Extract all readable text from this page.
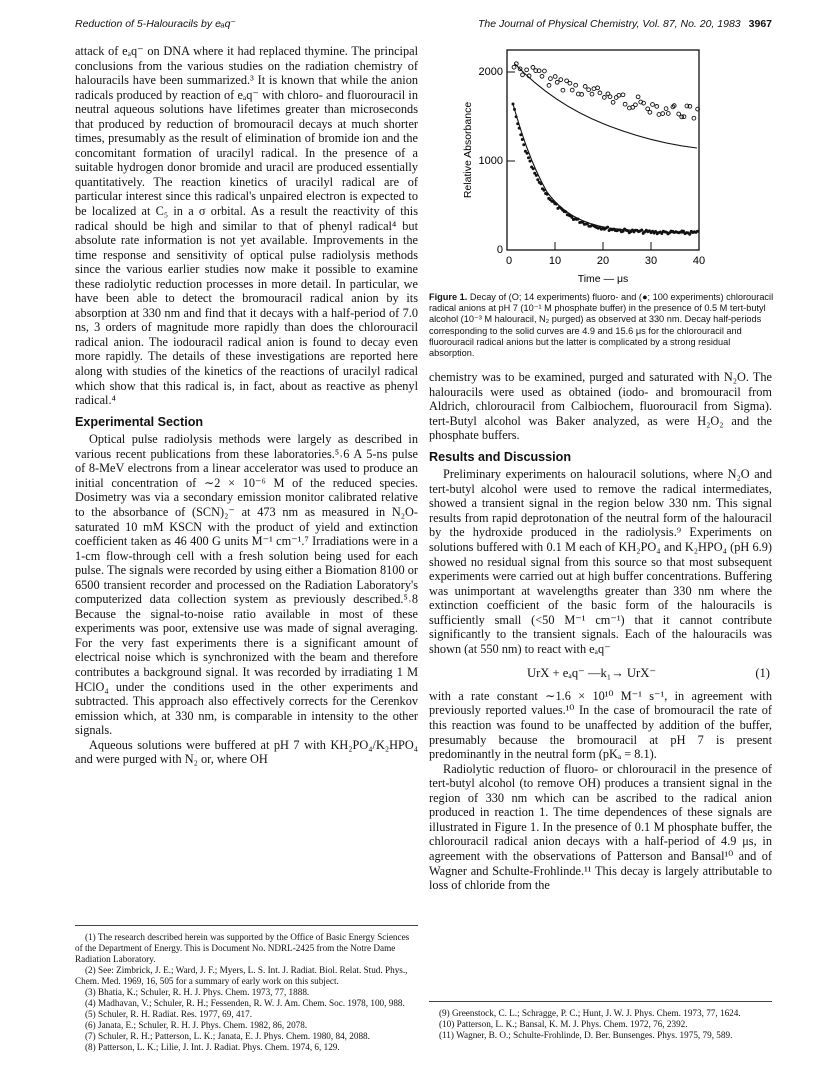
Reduction of 5-Halouracils by eₐq⁻	The Journal of Physical Chemistry, Vol. 87, No. 20, 1983 3967

attack of eₐq⁻ on DNA where it had replaced thymine. The principal conclusions from the various studies on the radiation chemistry of halouracils have been summarized.³ It is known that while the anion radicals produced by reaction of eₐq⁻ with chloro- and fluorouracil in neutral aqueous solutions have lifetimes greater than microseconds that produced by reduction of bromouracil decays at much shorter times, presumably as the result of elimination of bromide ion and the concomitant formation of uracilyl radical. In the presence of a suitable hydrogen donor bromide and uracil are produced essentially quantitatively. The reaction kinetics of uracilyl radical are of particular interest since this radical's unpaired electron is expected to be localized at C₅ in a σ orbital. As a result the reactivity of this radical should be high and similar to that of phenyl radical⁴ but absolute rate information is not yet available. Improvements in the time response and sensitivity of optical pulse radiolysis methods since the various earlier studies now make it possible to examine these radiolytic reduction processes in more detail. In particular, we have been able to detect the bromouracil radical anion by its absorption at 330 nm and find that it decays with a half-period of 7.0 ns, 3 orders of magnitude more rapidly than does the chlorouracil radical anion. The iodouracil radical anion is found to decay even more rapidly. The details of these investigations are reported here along with studies of the kinetics of the reactions of uracilyl radical which show that this radical is, in fact, about as reactive as phenyl radical.⁴

Experimental Section

Optical pulse radiolysis methods were largely as described in various recent publications from these laboratories.⁵˒6 A 5-ns pulse of 8-MeV electrons from a linear accelerator was used to produce an initial concentration of ∼2 × 10⁻⁶ M of the reduced species. Dosimetry was via a secondary emission monitor calibrated relative to the absorbance of (SCN)₂⁻ at 473 nm as measured in N₂O-saturated 10 mM KSCN with the product of yield and extinction coefficient taken as 46 400 G units M⁻¹ cm⁻¹.⁷ Irradiations were in a 1-cm flow-through cell with a fresh solution being used for each pulse. The signals were recorded by using either a Biomation 8100 or 6500 transient recorder and processed on the Radiation Laboratory's computerized data collection system as previously described.⁵˒8 Because the signal-to-noise ratio available in most of these experiments was poor, extensive use was made of signal averaging. For the very fast experiments there is a significant amount of electrical noise which is synchronized with the beam and therefore contributes a background signal. It was recorded by irradiating 1 M HClO₄ under the conditions used in the other experiments and subtracted. This approach also effectively corrects for the Cerenkov emission which, at 330 nm, is comparable in intensity to the other signals.

Aqueous solutions were buffered at pH 7 with KH₂PO₄/K₂HPO₄ and were purged with N₂ or, where OH

(1) The research described herein was supported by the Office of Basic Energy Sciences of the Department of Energy. This is Document No. NDRL-2425 from the Notre Dame Radiation Laboratory.

(2) See: Zimbrick, J. E.; Ward, J. F.; Myers, L. S. Int. J. Radiat. Biol. Relat. Stud. Phys., Chem. Med. 1969, 16, 505 for a summary of early work on this subject.

(3) Bhatia, K.; Schuler, R. H. J. Phys. Chem. 1973, 77, 1888.

(4) Madhavan, V.; Schuler, R. H.; Fessenden, R. W. J. Am. Chem. Soc. 1978, 100, 988.

(5) Schuler, R. H. Radiat. Res. 1977, 69, 417.

(6) Janata, E.; Schuler, R. H. J. Phys. Chem. 1982, 86, 2078.

(7) Schuler, R. H.; Patterson, L. K.; Janata, E. J. Phys. Chem. 1980, 84, 2088.

(8) Patterson, L. K.; Lilie, J. Int. J. Radiat. Phys. Chem. 1974, 6, 129.

2000
1000
0
0	10	20	30	40
Relative Absorbance
Time — μs
Figure 1. Decay of (O; 14 experiments) fluoro- and (●; 100 experiments) chlorouracil radical anions at pH 7 (10⁻¹ M phosphate buffer) in the presence of 0.5 M tert-butyl alcohol (10⁻³ M halouracil, N₂ purged) as observed at 330 nm. Decay half-periods corresponding to the solid curves are 4.9 and 15.6 μs for the chlorouracil and fluorouracil radical anions but the latter is complicated by a strong residual absorption.

chemistry was to be examined, purged and saturated with N₂O. The halouracils were used as obtained (iodo- and bromouracil from Aldrich, chlorouracil from Calbiochem, fluorouracil from Sigma). tert-Butyl alcohol was Baker analyzed, as were H₂O₂ and the phosphate buffers.

Results and Discussion

Preliminary experiments on halouracil solutions, where N₂O and tert-butyl alcohol were used to remove the radical intermediates, showed a transient signal in the region below 330 nm. This signal results from rapid deprotonation of the neutral form of the halouracil by the hydroxide produced in the radiolysis.⁹ Experiments on solutions buffered with 0.1 M each of KH₂PO₄ and K₂HPO₄ (pH 6.9) showed no residual signal from this source so that most subsequent experiments were carried out at high buffer concentrations. Buffering was unimportant at wavelengths greater than 330 nm where the extinction coefficient of the basic form of the halouracils is sufficiently small (<50 M⁻¹ cm⁻¹) that it cannot contribute significantly to the transient signals. Each of the halouracils was shown (at 550 nm) to react with eₐq⁻

UrX + eₐq⁻ —k₁→ UrX⁻	(1)

with a rate constant ∼1.6 × 10¹⁰ M⁻¹ s⁻¹, in agreement with previously reported values.¹⁰ In the case of bromouracil the rate of this reaction was found to be unaffected by addition of the buffer, presumably because the bromouracil at pH 7 is present predominantly in the neutral form (pKₐ = 8.1).

Radiolytic reduction of fluoro- or chlorouracil in the presence of tert-butyl alcohol (to remove OH) produces a transient signal in the region of 330 nm which can be ascribed to the radical anion produced in reaction 1. The time dependences of these signals are illustrated in Figure 1. In the presence of 0.1 M phosphate buffer, the chlorouracil radical anion decays with a half-period of 4.9 μs, in agreement with the observations of Patterson and Bansal¹⁰ and of Wagner and Schulte-Frohlinde.¹¹ This decay is largely attributable to loss of chloride from the

(9) Greenstock, C. L.; Schragge, P. C.; Hunt, J. W. J. Phys. Chem. 1973, 77, 1624.

(10) Patterson, L. K.; Bansal, K. M. J. Phys. Chem. 1972, 76, 2392.

(11) Wagner, B. O.; Schulte-Frohlinde, D. Ber. Bunsenges. Phys. 1975, 79, 589.
